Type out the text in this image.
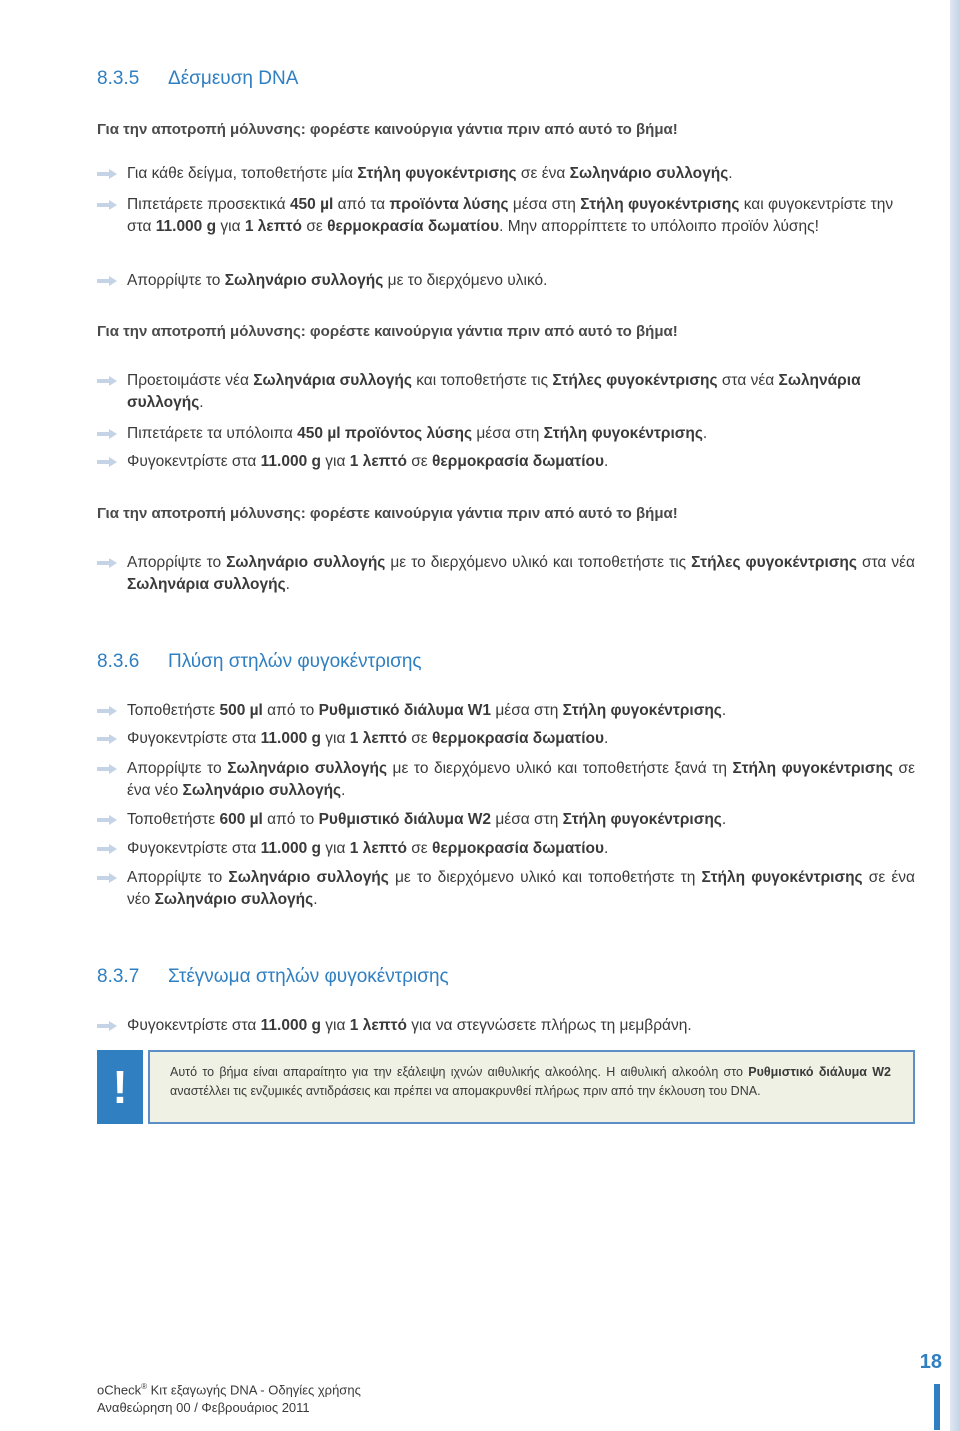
8.3.5 Δέσμευση DNA
Για την αποτροπή μόλυνσης: φορέστε καινούργια γάντια πριν από αυτό το βήμα!
Για κάθε δείγμα, τοποθετήστε μία Στήλη φυγοκέντρισης σε ένα Σωληνάριο συλλογής.
Πιπετάρετε προσεκτικά 450 µl από τα προϊόντα λύσης μέσα στη Στήλη φυγοκέντρισης και φυγοκεντρίστε την στα 11.000 g για 1 λεπτό σε θερμοκρασία δωματίου. Μην απορρίπτετε το υπόλοιπο προϊόν λύσης!
Απορρίψτε το Σωληνάριο συλλογής με το διερχόμενο υλικό.
Για την αποτροπή μόλυνσης: φορέστε καινούργια γάντια πριν από αυτό το βήμα!
Προετοιμάστε νέα Σωληνάρια συλλογής και τοποθετήστε τις Στήλες φυγοκέντρισης στα νέα Σωληνάρια συλλογής.
Πιπετάρετε τα υπόλοιπα 450 µl προϊόντος λύσης μέσα στη Στήλη φυγοκέντρισης.
Φυγοκεντρίστε στα 11.000 g για 1 λεπτό σε θερμοκρασία δωματίου.
Για την αποτροπή μόλυνσης: φορέστε καινούργια γάντια πριν από αυτό το βήμα!
Απορρίψτε το Σωληνάριο συλλογής με το διερχόμενο υλικό και τοποθετήστε τις Στήλες φυγοκέντρισης στα νέα Σωληνάρια συλλογής.
8.3.6 Πλύση στηλών φυγοκέντρισης
Τοποθετήστε 500 µl από το Ρυθμιστικό διάλυμα W1 μέσα στη Στήλη φυγοκέντρισης.
Φυγοκεντρίστε στα 11.000 g για 1 λεπτό σε θερμοκρασία δωματίου.
Απορρίψτε το Σωληνάριο συλλογής με το διερχόμενο υλικό και τοποθετήστε ξανά τη Στήλη φυγοκέντρισης σε ένα νέο Σωληνάριο συλλογής.
Τοποθετήστε 600 µl από το Ρυθμιστικό διάλυμα W2 μέσα στη Στήλη φυγοκέντρισης.
Φυγοκεντρίστε στα 11.000 g για 1 λεπτό σε θερμοκρασία δωματίου.
Απορρίψτε το Σωληνάριο συλλογής με το διερχόμενο υλικό και τοποθετήστε τη Στήλη φυγοκέντρισης σε ένα νέο Σωληνάριο συλλογής.
8.3.7 Στέγνωμα στηλών φυγοκέντρισης
Φυγοκεντρίστε στα 11.000 g για 1 λεπτό για να στεγνώσετε πλήρως τη μεμβράνη.
!	Αυτό το βήμα είναι απαραίτητο για την εξάλειψη ιχνών αιθυλικής αλκοόλης. Η αιθυλική αλκοόλη στο Ρυθμιστικό διάλυμα W2 αναστέλλει τις ενζυμικές αντιδράσεις και πρέπει να απομακρυνθεί πλήρως πριν από την έκλουση του DNA.
oCheck® Κιτ εξαγωγής DNA - Οδηγίες χρήσης
Αναθεώρηση 00 / Φεβρουάριος 2011
18
